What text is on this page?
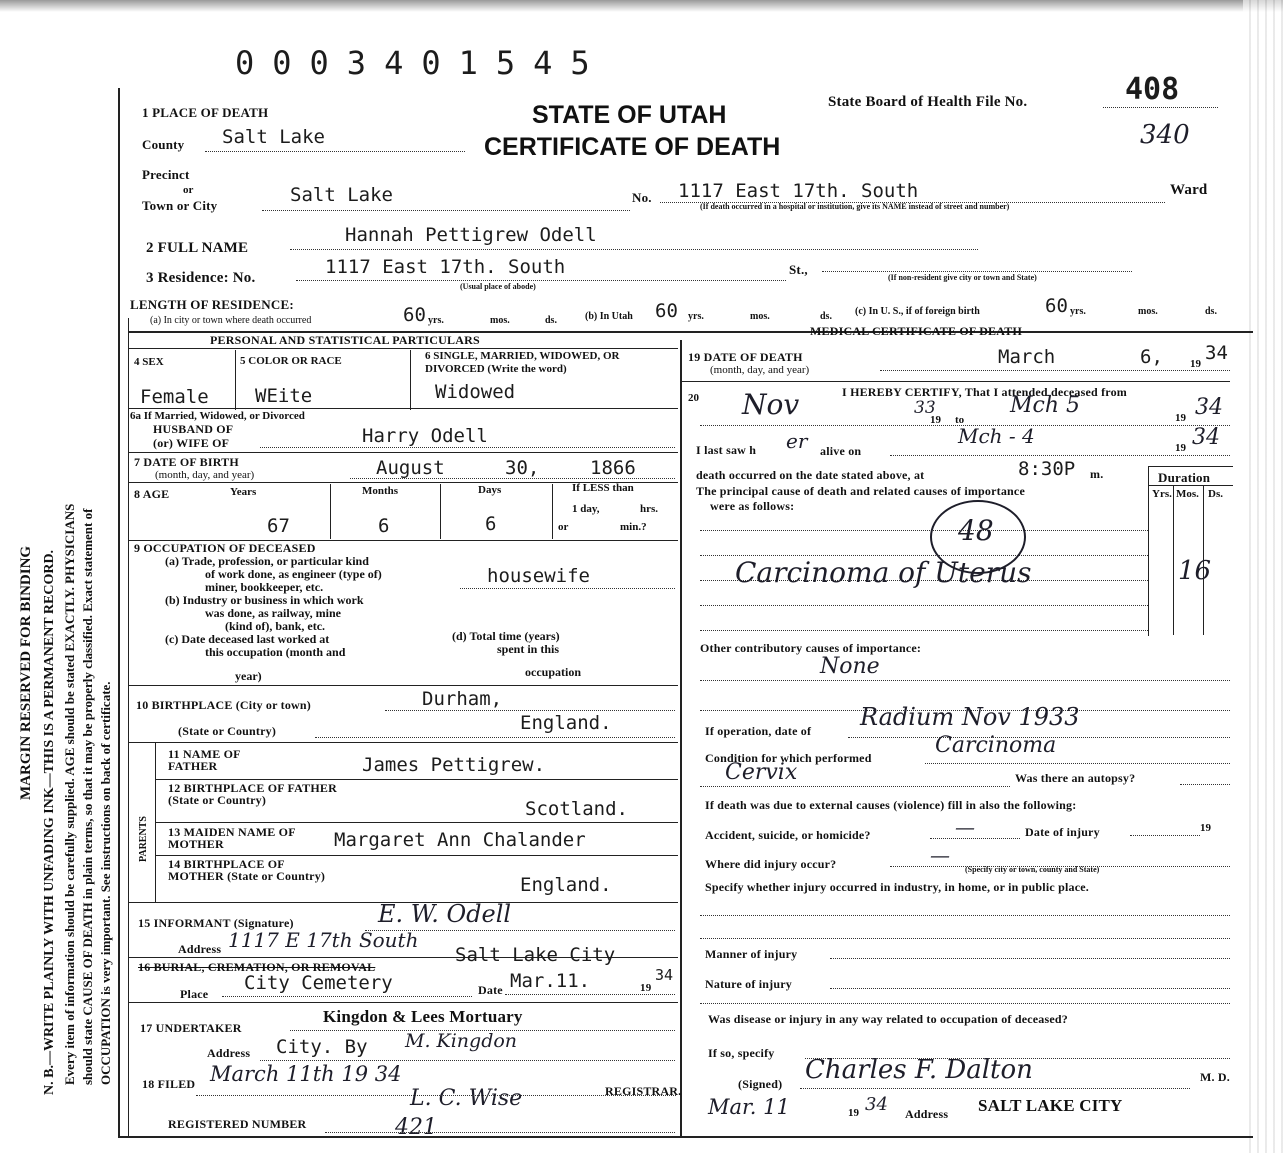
MARGIN RESERVED FOR BINDING N. B.—WRITE PLAINLY WITH UNFADING INK—THIS IS A PERMANENT RECORD. Every item of information should be carefully supplied. AGE should be stated EXACTLY. PHYSICIANS should state CAUSE OF DEATH in plain terms, so that it may be properly classified. Exact statement of OCCUPATION is very important. See instructions on back of certificate.
0003401545
STATE OF UTAH
CERTIFICATE OF DEATH
State Board of Health File No.	408
340
1 PLACE OF DEATH
County Salt Lake
Precinct
or
Town or City	Salt Lake	No. 1117 East 17th. South	Ward
(If death occurred in a hospital or institution, give its NAME instead of street and number)
2 FULL NAME
Hannah Pettigrew Odell
3 Residence: No.	1117 East 17th. South	St.,
(Usual place of abode)
(If non-resident give city or town and State)
LENGTH OF RESIDENCE:
(a) In city or town where death occurred	60 yrs.	mos.	ds.	(b) In Utah 60 yrs.	mos.	ds. (c) In U. S., if of foreign birth	60 yrs.	mos.	ds.
PERSONAL AND STATISTICAL PARTICULARS
MEDICAL CERTIFICATE OF DEATH
4 SEX	5 COLOR OR RACE	6 SINGLE, MARRIED, WIDOWED, OR DIVORCED (Write the word)
Female WEite	Widowed
6a If Married, Widowed, or Divorced
HUSBAND OF
(or) WIFE OF	Harry Odell
7 DATE OF BIRTH
(month, day, and year)	August	30,	1866
8 AGE	Years	Months	Days	If LESS than
1 day,	hrs.
or	min.?
67	6	6
9 OCCUPATION OF DECEASED
(a) Trade, profession, or particular kind
of work done, as engineer (type of)
miner, bookkeeper, etc.
(b) Industry or business in which work
was done, as railway, mine
(kind of), bank, etc.
(c) Date deceased last worked at
this occupation (month and
year)
(d) Total time (years)
spent in this
occupation
housewife
10 BIRTHPLACE (City or town)	Durham,
(State or Country)	England.
PARENTS
11 NAME OF FATHER	James Pettigrew.
12 BIRTHPLACE OF FATHER (State or Country)	Scotland.
13 MAIDEN NAME OF MOTHER	Margaret Ann Chalander
14 BIRTHPLACE OF MOTHER (State or Country)	England.
15 INFORMANT (Signature)	E. W. Odell
Address 1117 E 17th South
16 BURIAL, CREMATION, OR REMOVAL
Salt Lake City
Place City Cemetery	Date Mar.11.	19
34
17 UNDERTAKER
Kingdon & Lees Mortuary
Address City. By M. Kingdon
18 FILED March 11th 19 34
L. C. Wise	REGISTRAR.
REGISTERED NUMBER	421
19 DATE OF DEATH
(month, day, and year)
March	6, 19 34
20	I HEREBY CERTIFY, That I attended deceased from
Nov	19
33
to
Mch 5	19 34
I last saw h er alive on
Mch - 4	19 34
death occurred on the date stated above, at	8:30P m.
The principal cause of death and related causes of importance
were as follows:
Duration
Yrs. Mos. Ds.
48
Carcinoma of Uterus	16
Other contributory causes of importance:
None
If operation, date of Radium Nov 1933
Condition for which performed	Carcinoma
Cervix	Was there an autopsy?
If death was due to external causes (violence) fill in also the following:
Accident, suicide, or homicide?	—	Date of injury	19
Where did injury occur?	—
(Specify city or town, county and State)
Specify whether injury occurred in industry, in home, or in public place.
Manner of injury
Nature of injury
Was disease or injury in any way related to occupation of deceased?
If so, specify
(Signed) Charles F. Dalton	M. D.
Mar. 11	19 34 Address SALT LAKE CITY
